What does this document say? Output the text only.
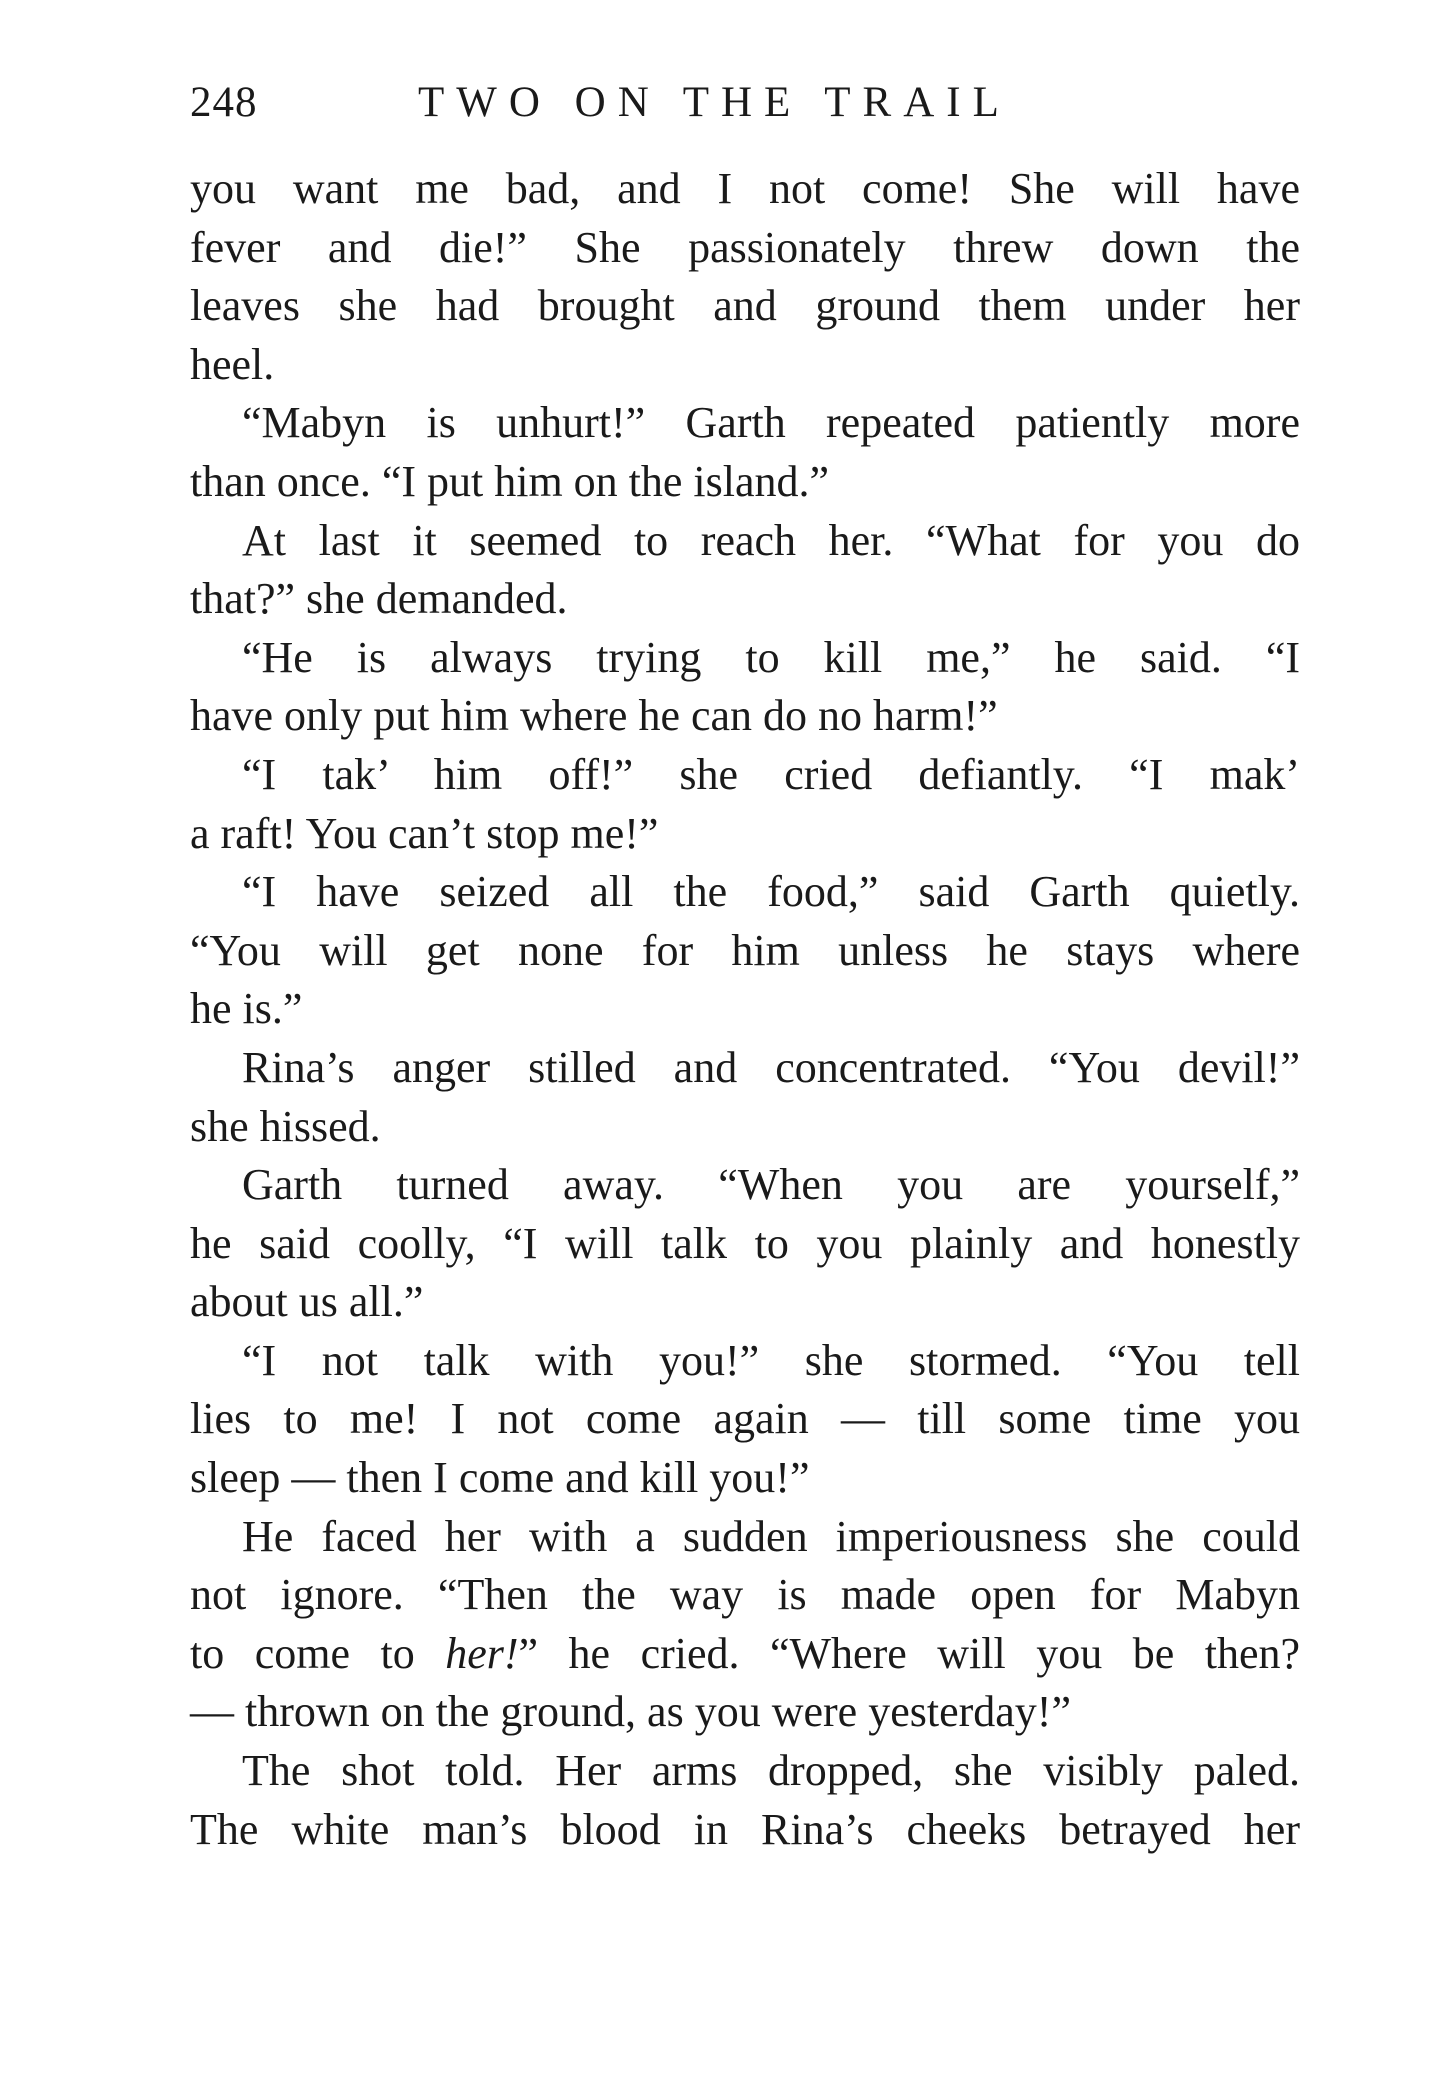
248	TWO ON THE TRAIL
you want me bad, and I not come! She will have
fever and die!” She passionately threw down the
leaves she had brought and ground them under her
heel.
“Mabyn is unhurt!” Garth repeated patiently more
than once. “I put him on the island.”
At last it seemed to reach her. “What for you do
that?” she demanded.
“He is always trying to kill me,” he said. “I
have only put him where he can do no harm!”
“I tak’ him off!” she cried defiantly. “I mak’
a raft! You can’t stop me!”
“I have seized all the food,” said Garth quietly.
“You will get none for him unless he stays where
he is.”
Rina’s anger stilled and concentrated. “You devil!”
she hissed.
Garth turned away. “When you are yourself,”
he said coolly, “I will talk to you plainly and honestly
about us all.”
“I not talk with you!” she stormed. “You tell
lies to me! I not come again — till some time you
sleep — then I come and kill you!”
He faced her with a sudden imperiousness she could
not ignore. “Then the way is made open for Mabyn
to come to her!” he cried. “Where will you be then?
— thrown on the ground, as you were yesterday!”
The shot told. Her arms dropped, she visibly paled.
The white man’s blood in Rina’s cheeks betrayed her
